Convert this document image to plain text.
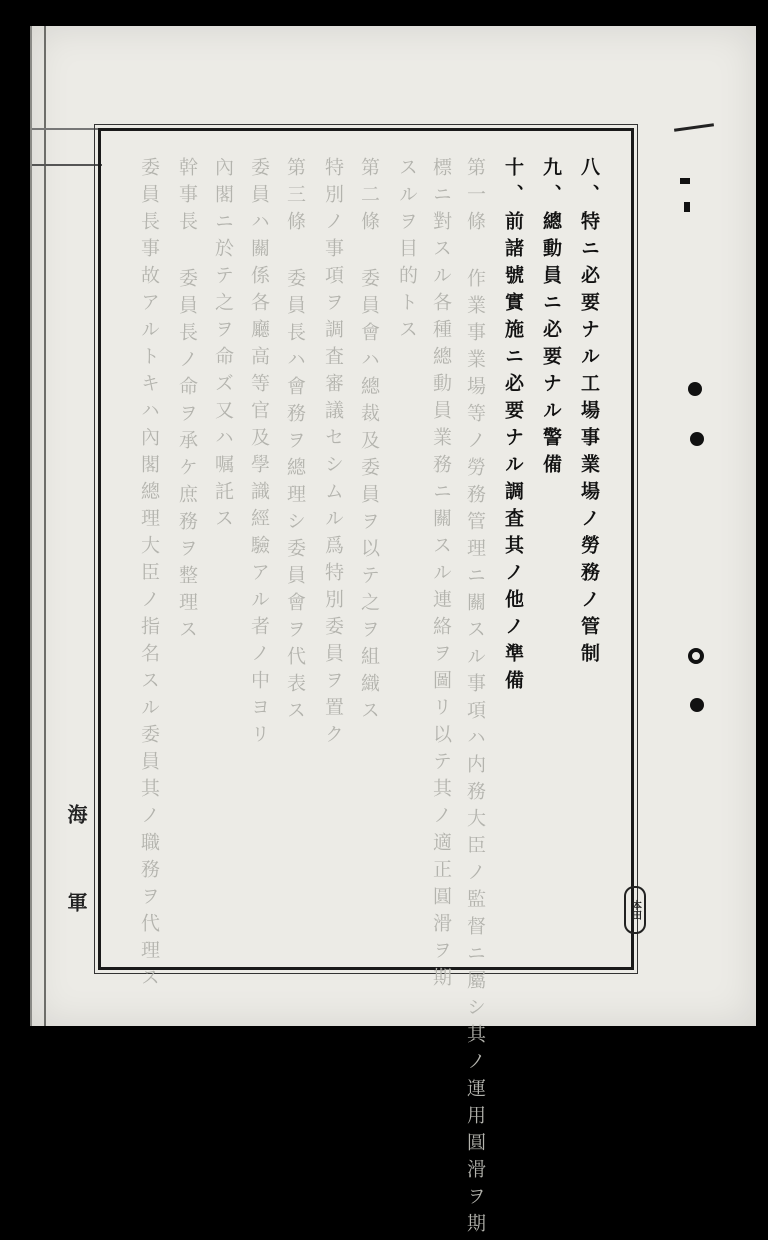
八、特ニ必要ナル工場事業場ノ勞務ノ管制
九、總動員ニ必要ナル警備
十、前諸號實施ニ必要ナル調査其ノ他ノ準備
第一條 作業事業場等ノ勞務管理ニ關スル事項ハ内務大臣ノ監督ニ屬シ其ノ運用圓滑ヲ期
標ニ對スル各種總動員業務ニ關スル連絡ヲ圖リ以テ其ノ適正圓滑ヲ期
スルヲ目的トス
第二條 委員會ハ總裁及委員ヲ以テ之ヲ組織ス
特別ノ事項ヲ調査審議セシムル爲特別委員ヲ置ク
第三條 委員長ハ會務ヲ總理シ委員會ヲ代表ス
委員ハ關係各廳高等官及學識經驗アル者ノ中ヨリ
內閣ニ於テ之ヲ命ズ又ハ嘱託ス
幹事長 委員長ノ命ヲ承ケ庶務ヲ整理ス
委員長事故アルトキハ內閣總理大臣ノ指名スル委員其ノ職務ヲ代理ス
海
軍	本田
